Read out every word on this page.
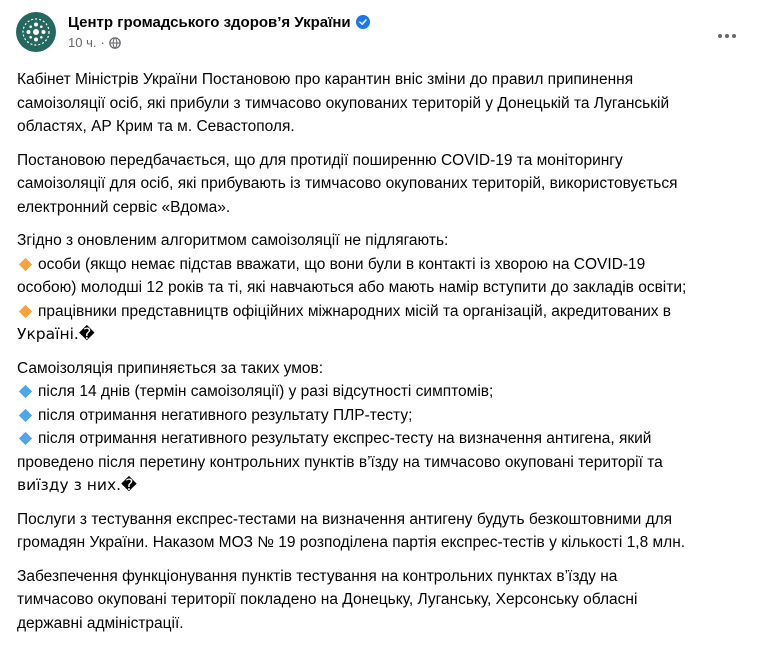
Центр громадського здоров’я України
10 ч. ·
Кабінет Міністрів України Постановою про карантин вніс зміни до правил припинення
самоізоляції осіб, які прибули з тимчасово окупованих територій у Донецькій та Луганській
областях, АР Крим та м. Севастополя.
Постановою передбачається, що для протидії поширенню COVID-19 та моніторингу
самоізоляції для осіб, які прибувають із тимчасово окупованих територій, використовується
електронний сервіс «Вдома».
Згідно з оновленим алгоритмом самоізоляції не підлягають:
особи (якщо немає підстав вважати, що вони були в контакті із хворою на COVID-19
особою) молодші 12 років та ті, які навчаються або мають намір вступити до закладів освіти;
працівники представництв офіційних міжнародних місій та організацій, акредитованих в
Україні.�
Самоізоляція припиняється за таких умов:
після 14 днів (термін самоізоляції) у разі відсутності симптомів;
після отримання негативного результату ПЛР-тесту;
після отримання негативного результату експрес-тесту на визначення антигена, який
проведено після перетину контрольних пунктів в’їзду на тимчасово окуповані території та
виїзду з них.�
Послуги з тестування експрес-тестами на визначення антигену будуть безкоштовними для
громадян України. Наказом МОЗ № 19 розподілена партія експрес-тестів у кількості 1,8 млн.
Забезпечення функціонування пунктів тестування на контрольних пунктах в’їзду на
тимчасово окуповані території покладено на Донецьку, Луганську, Херсонську обласні
державні адміністрації.
